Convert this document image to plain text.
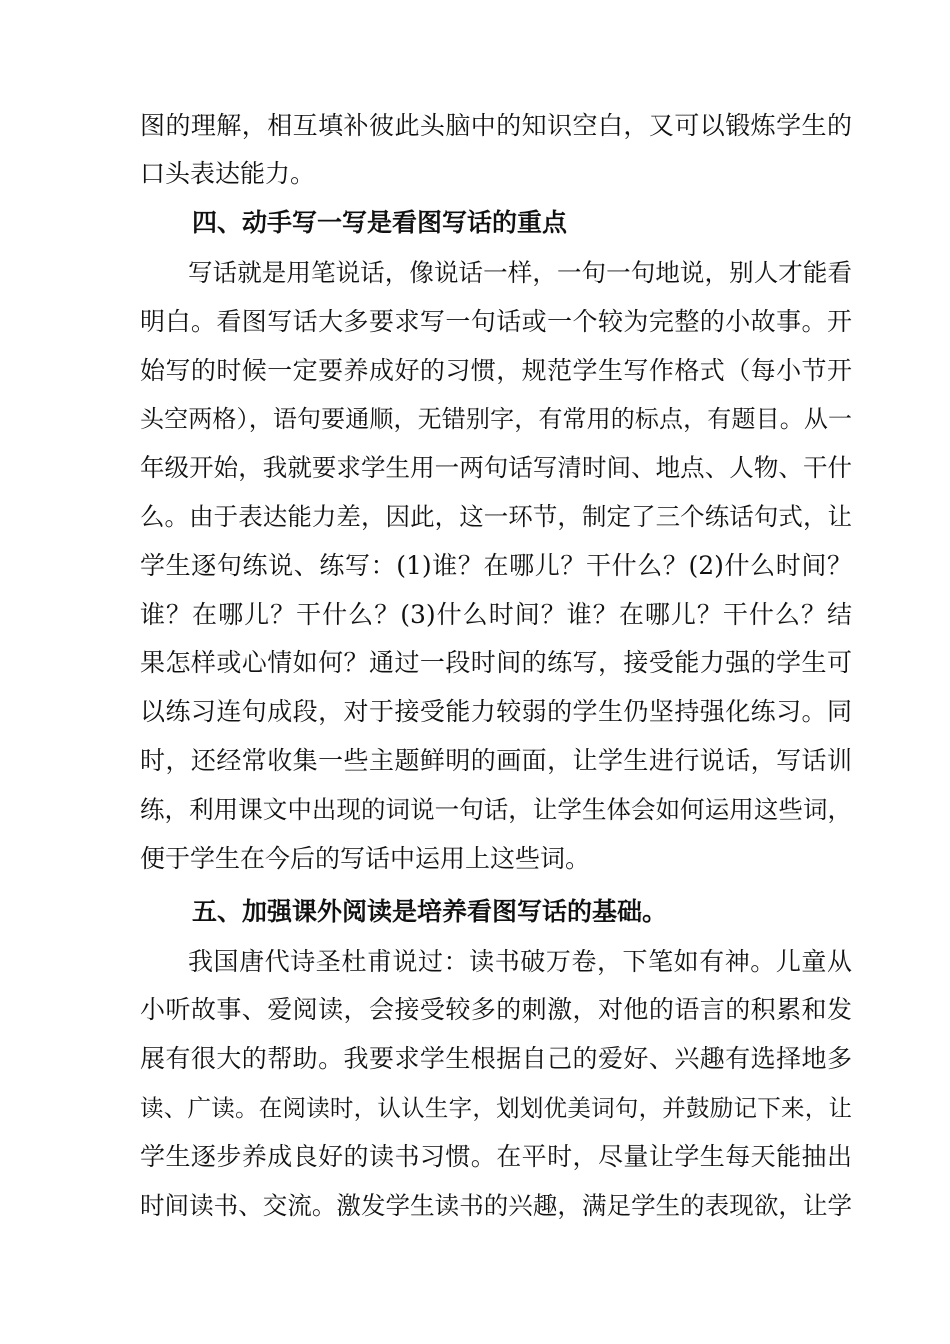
图的理解，相互填补彼此头脑中的知识空白，又可以锻炼学生的
口头表达能力。
四、动手写一写是看图写话的重点
写话就是用笔说话，像说话一样，一句一句地说，别人才能看
明白。看图写话大多要求写一句话或一个较为完整的小故事。开
始写的时候一定要养成好的习惯，规范学生写作格式（每小节开
头空两格），语句要通顺，无错别字，有常用的标点，有题目。从一
年级开始，我就要求学生用一两句话写清时间、地点、人物、干什
么。由于表达能力差，因此，这一环节，制定了三个练话句式，让
学生逐句练说、练写：(1)谁？在哪儿？干什么？(2)什么时间？
谁？在哪儿？干什么？(3)什么时间？谁？在哪儿？干什么？结
果怎样或心情如何？通过一段时间的练写，接受能力强的学生可
以练习连句成段，对于接受能力较弱的学生仍坚持强化练习。同
时，还经常收集一些主题鲜明的画面，让学生进行说话，写话训
练，利用课文中出现的词说一句话，让学生体会如何运用这些词，
便于学生在今后的写话中运用上这些词。
五、加强课外阅读是培养看图写话的基础。
我国唐代诗圣杜甫说过：读书破万卷，下笔如有神。儿童从
小听故事、爱阅读，会接受较多的刺激，对他的语言的积累和发
展有很大的帮助。我要求学生根据自己的爱好、兴趣有选择地多
读、广读。在阅读时，认认生字，划划优美词句，并鼓励记下来，让
学生逐步养成良好的读书习惯。在平时，尽量让学生每天能抽出
时间读书、交流。激发学生读书的兴趣，满足学生的表现欲，让学
